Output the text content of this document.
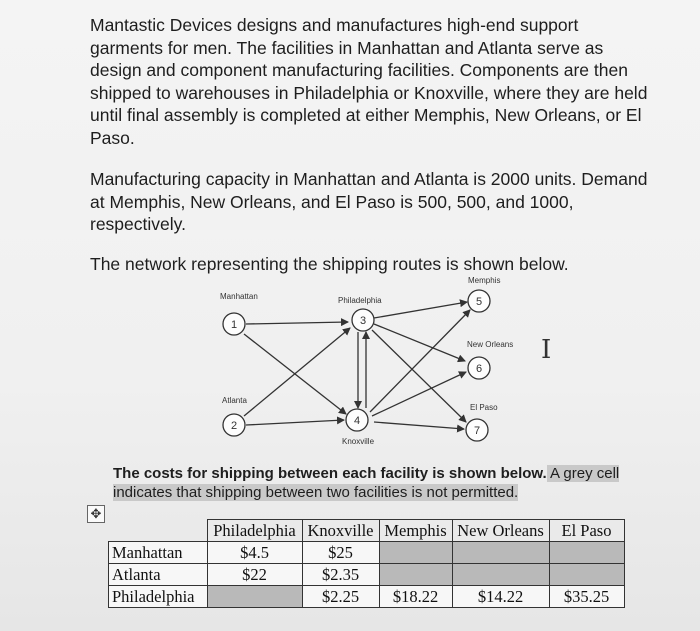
Mantastic Devices designs and manufactures high-end support garments for men. The facilities in Manhattan and Atlanta serve as design and component manufacturing facilities. Components are then shipped to warehouses in Philadelphia or Knoxville, where they are held until final assembly is completed at either Memphis, New Orleans, or El Paso.

Manufacturing capacity in Manhattan and Atlanta is 2000 units. Demand at Memphis, New Orleans, and El Paso is 500, 500, and 1000, respectively.

The network representing the shipping routes is shown below.

1
2
3
4
5
6
7
Manhattan
Atlanta
Philadelphia
Knoxville
Memphis
New Orleans
El Paso
I

The costs for shipping between each facility is shown below. A grey cell indicates that shipping between two facilities is not permitted.

✥
	Philadelphia	Knoxville	Memphis	New Orleans	El Paso
Manhattan	$4.5	$25			
Atlanta	$22	$2.35			
Philadelphia		$2.25	$18.22	$14.22	$35.25
